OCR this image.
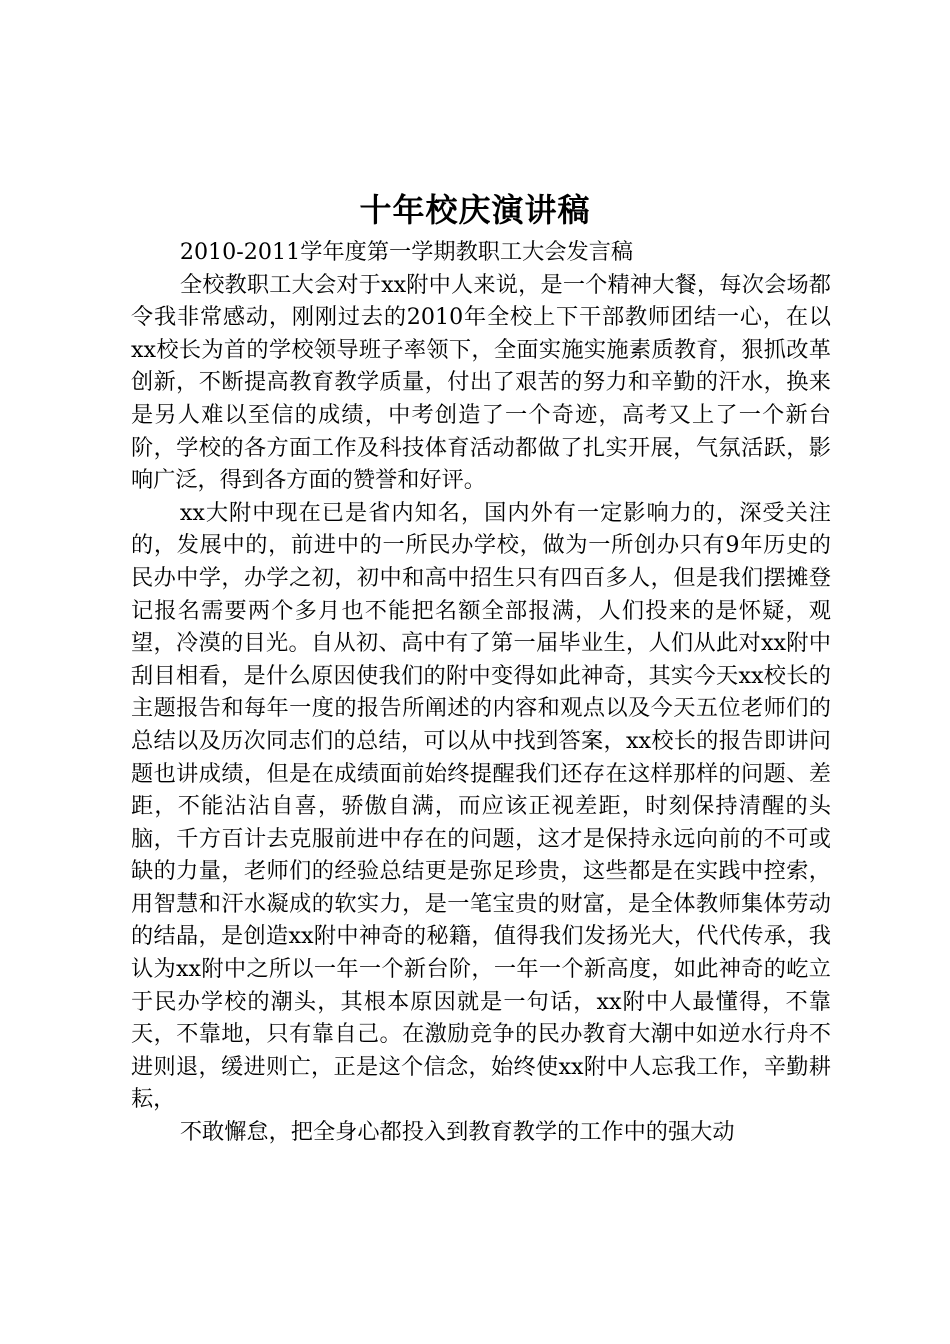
十年校庆演讲稿

2010-2011学年度第一学期教职工大会发言稿

全校教职工大会对于xx附中人来说，是一个精神大餐，每次会场都令我非常感动，刚刚过去的2010年全校上下干部教师团结一心，在以xx校长为首的学校领导班子率领下，全面实施实施素质教育，狠抓改革创新，不断提高教育教学质量，付出了艰苦的努力和辛勤的汗水，换来是另人难以至信的成绩，中考创造了一个奇迹，高考又上了一个新台阶，学校的各方面工作及科技体育活动都做了扎实开展，气氛活跃，影响广泛，得到各方面的赞誉和好评。

xx大附中现在已是省内知名，国内外有一定影响力的，深受关注的，发展中的，前进中的一所民办学校，做为一所创办只有9年历史的民办中学，办学之初，初中和高中招生只有四百多人，但是我们摆摊登记报名需要两个多月也不能把名额全部报满，人们投来的是怀疑，观望，冷漠的目光。自从初、高中有了第一届毕业生，人们从此对xx附中刮目相看，是什么原因使我们的附中变得如此神奇，其实今天xx校长的主题报告和每年一度的报告所阐述的内容和观点以及今天五位老师们的总结以及历次同志们的总结，可以从中找到答案，xx校长的报告即讲问题也讲成绩，但是在成绩面前始终提醒我们还存在这样那样的问题、差距，不能沾沾自喜，骄傲自满，而应该正视差距，时刻保持清醒的头脑，千方百计去克服前进中存在的问题，这才是保持永远向前的不可或缺的力量，老师们的经验总结更是弥足珍贵，这些都是在实践中控索，用智慧和汗水凝成的软实力，是一笔宝贵的财富，是全体教师集体劳动的结晶，是创造xx附中神奇的秘籍，值得我们发扬光大，代代传承，我认为xx附中之所以一年一个新台阶，一年一个新高度，如此神奇的屹立于民办学校的潮头，其根本原因就是一句话，xx附中人最懂得，不靠天，不靠地，只有靠自己。在激励竞争的民办教育大潮中如逆水行舟不进则退，缓进则亡，正是这个信念，始终使xx附中人忘我工作，辛勤耕耘，

不敢懈怠，把全身心都投入到教育教学的工作中的强大动
